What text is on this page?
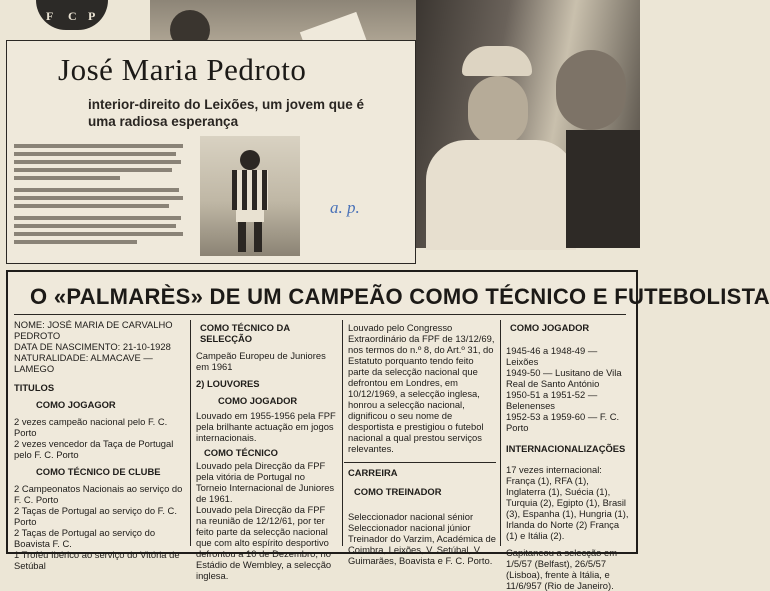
F C P
José Maria Pedroto
interior-direito do Leixões, um jovem que é uma radiosa esperança
a. p.
O «PALMARÈS» DE UM CAMPEÃO COMO TÉCNICO E FUTEBOLISTA
NOME: JOSÉ MARIA DE CARVALHO PEDROTO
DATA DE NASCIMENTO: 21-10-1928
NATURALIDADE: ALMACAVE — LAMEGO
TITULOS
COMO JOGAGOR
2 vezes campeão nacional pelo F. C. Porto
2 vezes vencedor da Taça de Portugal pelo F. C. Porto
COMO TÉCNICO DE CLUBE
2 Campeonatos Nacionais ao serviço do F. C. Porto
2 Taças de Portugal ao serviço do F. C. Porto
2 Taças de Portugal ao serviço do Boavista F. C.
1 Troféu Ibérico ao serviço do Vitória de Setúbal
COMO TÉCNICO DA SELECÇÃO
Campeão Europeu de Juniores em 1961
2) LOUVORES
COMO JOGADOR
Louvado em 1955-1956 pela FPF pela brilhante actuação em jogos internacionais.
COMO TÉCNICO
Louvado pela Direcção da FPF pela vitória de Portugal no Torneio Internacional de Juniores de 1961.
Louvado pela Direcção da FPF na reunião de 12/12/61, por ter feito parte da selecção nacional que com alto espírito desportivo defrontou a 10 de Dezembro, no Estádio de Wembley, a selecção inglesa.
Louvado pelo Congresso Extraordinário da FPF de 13/12/69, nos termos do n.º 8, do Art.º 31, do Estatuto porquanto tendo feito parte da selecção nacional que defrontou em Londres, em 10/12/1969, a selecção inglesa, honrou a selecção nacional, dignificou o seu nome de desportista e prestigiou o futebol nacional a qual prestou serviços relevantes.
CARREIRA
COMO TREINADOR
Seleccionador nacional sénior Seleccionador nacional júnior Treinador do Varzim, Académica de Coimbra, Leixões, V. Setúbal, V. Guimarães, Boavista e F. C. Porto.
COMO JOGADOR
1945-46 a 1948-49 — Leixões
1949-50 — Lusitano de Vila Real de Santo António
1950-51 a 1951-52 — Belenenses
1952-53 a 1959-60 — F. C. Porto
INTERNACIONALIZAÇÕES
17 vezes internacional: França (1), RFA (1), Inglaterra (1), Suécia (1), Turquia (2), Egipto (1), Brasil (3), Espanha (1), Hungria (1), Irlanda do Norte (2) França (1) e Itália (2).
Capitaneou a selecção em 1/5/57 (Belfast), 26/5/57 (Lisboa), frente à Itália, e 11/6/957 (Rio de Janeiro).
